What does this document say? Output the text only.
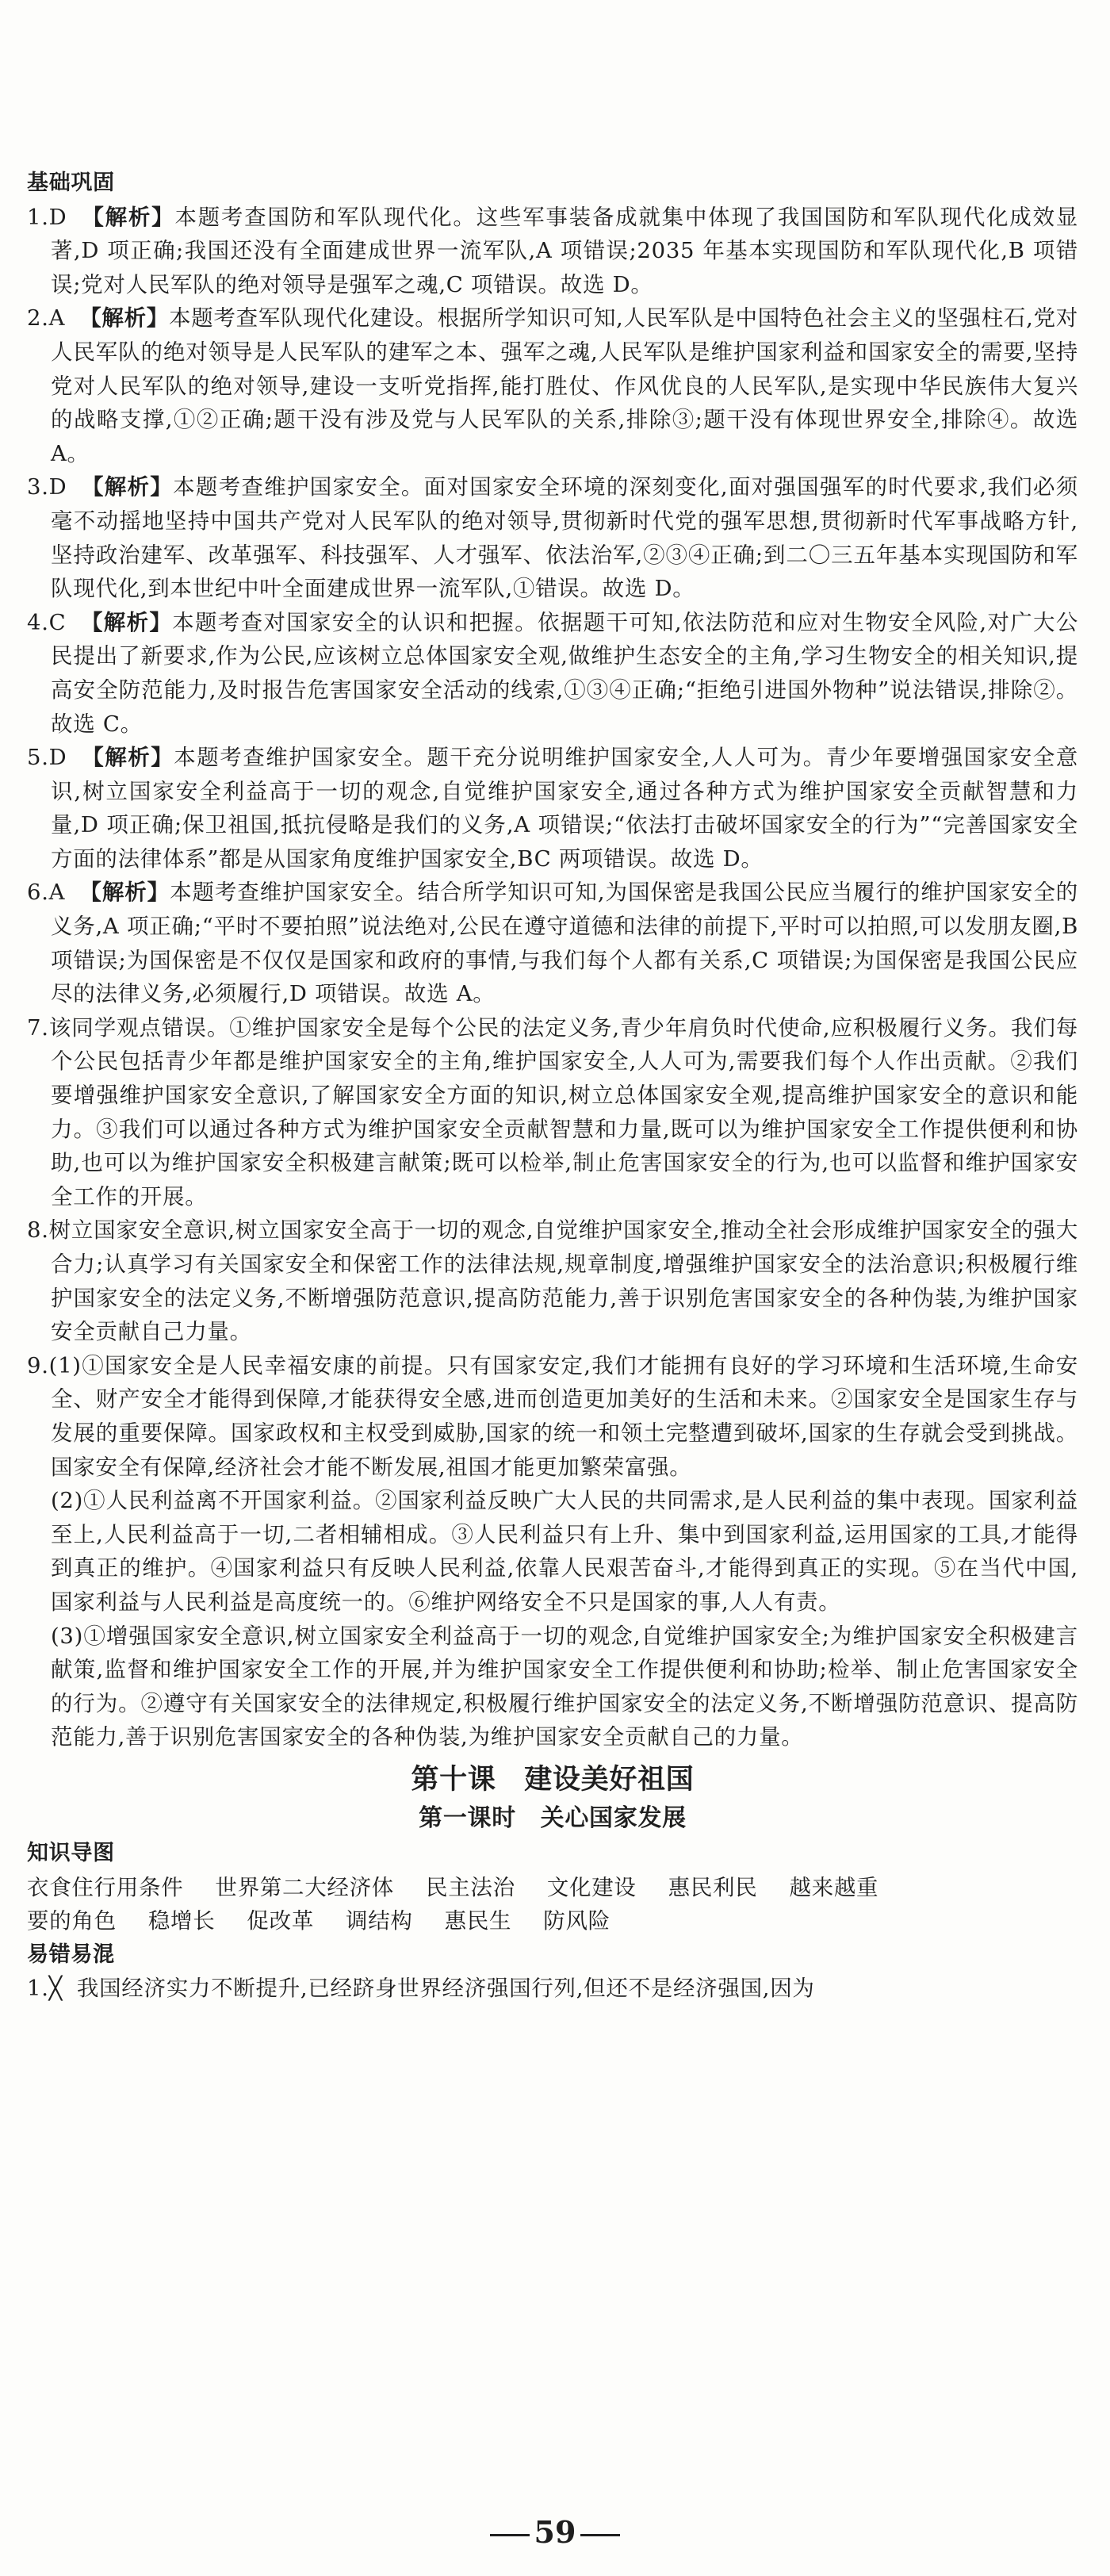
基础巩固

1.D 【解析】本题考查国防和军队现代化。这些军事装备成就集中体现了我国国防和军队现代化成效显著,D 项正确;我国还没有全面建成世界一流军队,A 项错误;2035 年基本实现国防和军队现代化,B 项错误;党对人民军队的绝对领导是强军之魂,C 项错误。故选 D。

2.A 【解析】本题考查军队现代化建设。根据所学知识可知,人民军队是中国特色社会主义的坚强柱石,党对人民军队的绝对领导是人民军队的建军之本、强军之魂,人民军队是维护国家利益和国家安全的需要,坚持党对人民军队的绝对领导,建设一支听党指挥,能打胜仗、作风优良的人民军队,是实现中华民族伟大复兴的战略支撑,①②正确;题干没有涉及党与人民军队的关系,排除③;题干没有体现世界安全,排除④。故选 A。

3.D 【解析】本题考查维护国家安全。面对国家安全环境的深刻变化,面对强国强军的时代要求,我们必须毫不动摇地坚持中国共产党对人民军队的绝对领导,贯彻新时代党的强军思想,贯彻新时代军事战略方针,坚持政治建军、改革强军、科技强军、人才强军、依法治军,②③④正确;到二〇三五年基本实现国防和军队现代化,到本世纪中叶全面建成世界一流军队,①错误。故选 D。

4.C 【解析】本题考查对国家安全的认识和把握。依据题干可知,依法防范和应对生物安全风险,对广大公民提出了新要求,作为公民,应该树立总体国家安全观,做维护生态安全的主角,学习生物安全的相关知识,提高安全防范能力,及时报告危害国家安全活动的线索,①③④正确;“拒绝引进国外物种”说法错误,排除②。故选 C。

5.D 【解析】本题考查维护国家安全。题干充分说明维护国家安全,人人可为。青少年要增强国家安全意识,树立国家安全利益高于一切的观念,自觉维护国家安全,通过各种方式为维护国家安全贡献智慧和力量,D 项正确;保卫祖国,抵抗侵略是我们的义务,A 项错误;“依法打击破坏国家安全的行为”“完善国家安全方面的法律体系”都是从国家角度维护国家安全,BC 两项错误。故选 D。

6.A 【解析】本题考查维护国家安全。结合所学知识可知,为国保密是我国公民应当履行的维护国家安全的义务,A 项正确;“平时不要拍照”说法绝对,公民在遵守道德和法律的前提下,平时可以拍照,可以发朋友圈,B 项错误;为国保密是不仅仅是国家和政府的事情,与我们每个人都有关系,C 项错误;为国保密是我国公民应尽的法律义务,必须履行,D 项错误。故选 A。

7.该同学观点错误。①维护国家安全是每个公民的法定义务,青少年肩负时代使命,应积极履行义务。我们每个公民包括青少年都是维护国家安全的主角,维护国家安全,人人可为,需要我们每个人作出贡献。②我们要增强维护国家安全意识,了解国家安全方面的知识,树立总体国家安全观,提高维护国家安全的意识和能力。③我们可以通过各种方式为维护国家安全贡献智慧和力量,既可以为维护国家安全工作提供便利和协助,也可以为维护国家安全积极建言献策;既可以检举,制止危害国家安全的行为,也可以监督和维护国家安全工作的开展。

8.树立国家安全意识,树立国家安全高于一切的观念,自觉维护国家安全,推动全社会形成维护国家安全的强大合力;认真学习有关国家安全和保密工作的法律法规,规章制度,增强维护国家安全的法治意识;积极履行维护国家安全的法定义务,不断增强防范意识,提高防范能力,善于识别危害国家安全的各种伪装,为维护国家安全贡献自己力量。

9.(1)①国家安全是人民幸福安康的前提。只有国家安定,我们才能拥有良好的学习环境和生活环境,生命安全、财产安全才能得到保障,才能获得安全感,进而创造更加美好的生活和未来。②国家安全是国家生存与发展的重要保障。国家政权和主权受到威胁,国家的统一和领土完整遭到破坏,国家的生存就会受到挑战。国家安全有保障,经济社会才能不断发展,祖国才能更加繁荣富强。

(2)①人民利益离不开国家利益。②国家利益反映广大人民的共同需求,是人民利益的集中表现。国家利益至上,人民利益高于一切,二者相辅相成。③人民利益只有上升、集中到国家利益,运用国家的工具,才能得到真正的维护。④国家利益只有反映人民利益,依靠人民艰苦奋斗,才能得到真正的实现。⑤在当代中国,国家利益与人民利益是高度统一的。⑥维护网络安全不只是国家的事,人人有责。

(3)①增强国家安全意识,树立国家安全利益高于一切的观念,自觉维护国家安全;为维护国家安全积极建言献策,监督和维护国家安全工作的开展,并为维护国家安全工作提供便利和协助;检举、制止危害国家安全的行为。②遵守有关国家安全的法律规定,积极履行维护国家安全的法定义务,不断增强防范意识、提高防范能力,善于识别危害国家安全的各种伪装,为维护国家安全贡献自己的力量。

第十课　建设美好祖国
第一课时　关心国家发展
知识导图

衣食住行用条件 世界第二大经济体 民主法治 文化建设 惠民利民 越来越重

要的角色 稳增长 促改革 调结构 惠民生 防风险

易错易混

1.╳ 我国经济实力不断提升,已经跻身世界经济强国行列,但还不是经济强国,因为

59
